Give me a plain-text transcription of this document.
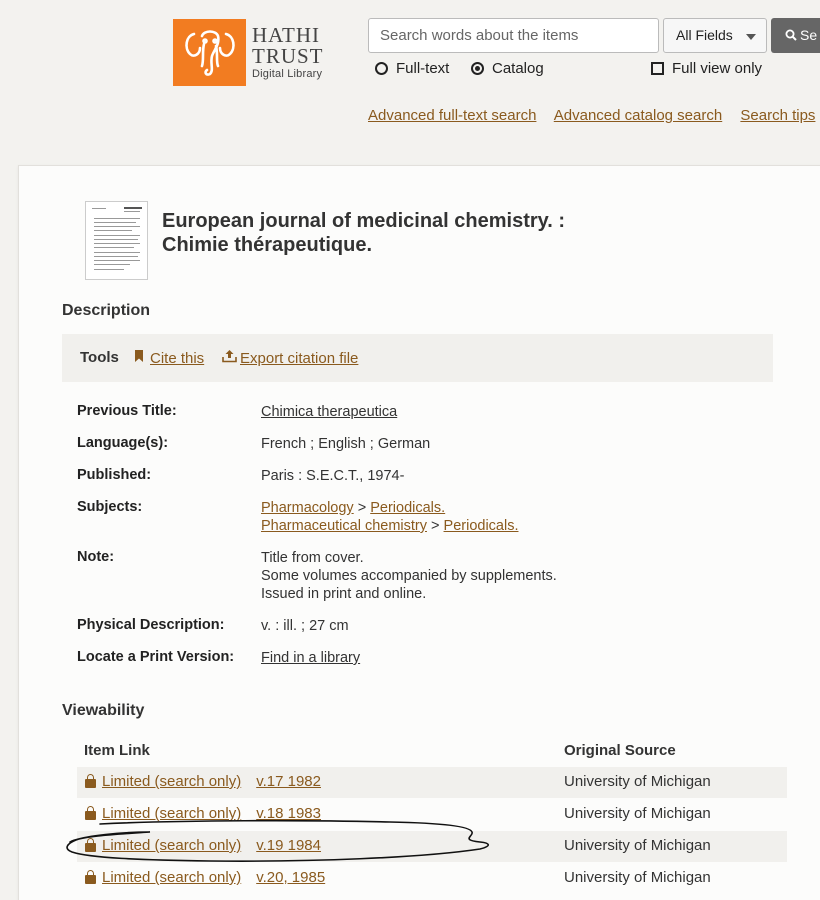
HATHI
TRUST
Digital Library
Search words about the items	All Fields	Se
Full-text	Catalog	Full view only
Advanced full-text search Advanced catalog search Search tips
European journal of medicinal chemistry. :
Chimie thérapeutique.
Description
Tools Cite this Export citation file
Previous Title:	Chimica therapeutica
Language(s):	French ; English ; German
Published:	Paris : S.E.C.T., 1974-
Subjects:	Pharmacology > Periodicals.
Pharmaceutical chemistry > Periodicals.
Note:	Title from cover.
Some volumes accompanied by supplements.
Issued in print and online.
Physical Description:	v. : ill. ; 27 cm
Locate a Print Version: Find in a library
Viewability
Item Link	Original Source
Limited (search only) v.17 1982	University of Michigan
Limited (search only) v.18 1983	University of Michigan
Limited (search only) v.19 1984	University of Michigan
Limited (search only) v.20, 1985	University of Michigan
